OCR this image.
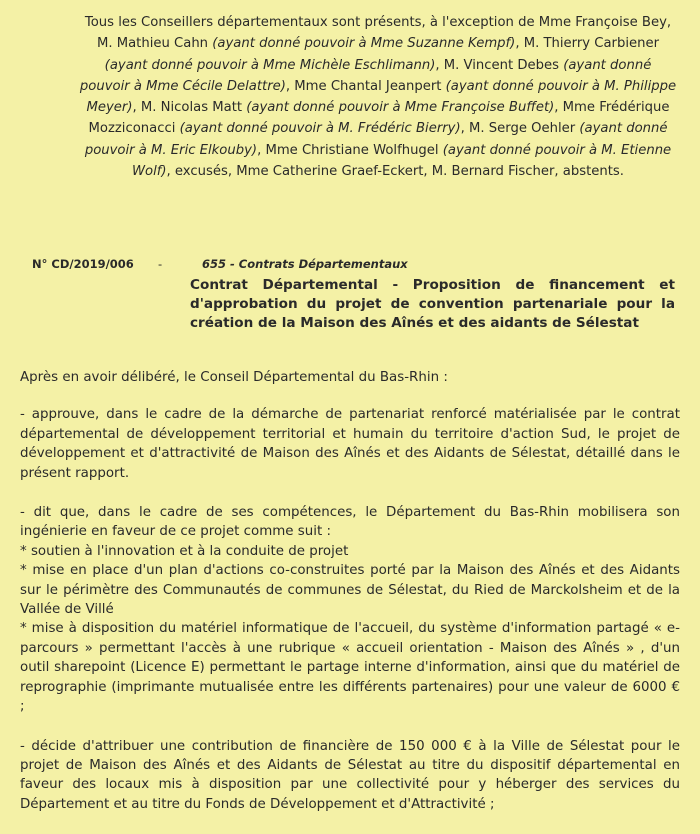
Tous les Conseillers départementaux sont présents, à l'exception de Mme Françoise Bey, M. Mathieu Cahn (ayant donné pouvoir à Mme Suzanne Kempf), M. Thierry Carbiener (ayant donné pouvoir à Mme Michèle Eschlimann), M. Vincent Debes (ayant donné pouvoir à Mme Cécile Delattre), Mme Chantal Jeanpert (ayant donné pouvoir à M. Philippe Meyer), M. Nicolas Matt (ayant donné pouvoir à Mme Françoise Buffet), Mme Frédérique Mozziconacci (ayant donné pouvoir à M. Frédéric Bierry), M. Serge Oehler (ayant donné pouvoir à M. Eric Elkouby), Mme Christiane Wolfhugel (ayant donné pouvoir à M. Etienne Wolf), excusés, Mme Catherine Graef-Eckert, M. Bernard Fischer, abstents.
N° CD/2019/006 -	655 - Contrats Départementaux
Contrat Départemental - Proposition de financement et d'approbation du projet de convention partenariale pour la création de la Maison des Aînés et des aidants de Sélestat

Après en avoir délibéré, le Conseil Départemental du Bas-Rhin :

- approuve, dans le cadre de la démarche de partenariat renforcé matérialisée par le contrat départemental de développement territorial et humain du territoire d'action Sud, le projet de développement et d'attractivité de Maison des Aînés et des Aidants de Sélestat, détaillé dans le présent rapport.

- dit que, dans le cadre de ses compétences, le Département du Bas-Rhin mobilisera son ingénierie en faveur de ce projet comme suit :
* soutien à l'innovation et à la conduite de projet
* mise en place d'un plan d'actions co-construites porté par la Maison des Aînés et des Aidants sur le périmètre des Communautés de communes de Sélestat, du Ried de Marckolsheim et de la Vallée de Villé
* mise à disposition du matériel informatique de l'accueil, du système d'information partagé « e-parcours » permettant l'accès à une rubrique « accueil orientation - Maison des Aînés » , d'un outil sharepoint (Licence E) permettant le partage interne d'information, ainsi que du matériel de reprographie (imprimante mutualisée entre les différents partenaires) pour une valeur de 6000 € ;

- décide d'attribuer une contribution de financière de 150 000 € à la Ville de Sélestat pour le projet de Maison des Aînés et des Aidants de Sélestat au titre du dispositif départemental en faveur des locaux mis à disposition par une collectivité pour y héberger des services du Département et au titre du Fonds de Développement et d'Attractivité ;
